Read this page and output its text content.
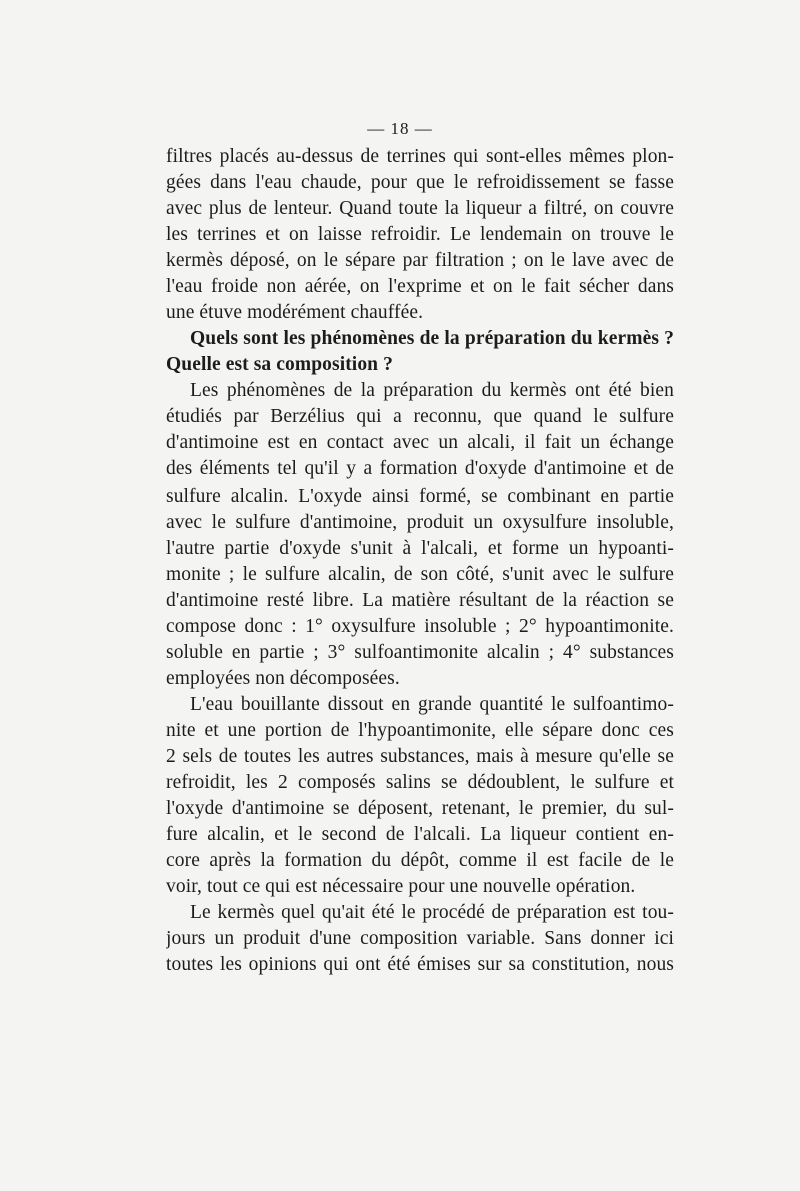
— 18 —
filtres placés au-dessus de terrines qui sont-elles mêmes plon-
gées dans l'eau chaude, pour que le refroidissement se fasse
avec plus de lenteur. Quand toute la liqueur a filtré, on couvre
les terrines et on laisse refroidir. Le lendemain on trouve le
kermès déposé, on le sépare par filtration ; on le lave avec de
l'eau froide non aérée, on l'exprime et on le fait sécher dans
une étuve modérément chauffée.
Quels sont les phénomènes de la préparation du kermès ?
Quelle est sa composition ?
Les phénomènes de la préparation du kermès ont été bien
étudiés par Berzélius qui a reconnu, que quand le sulfure
d'antimoine est en contact avec un alcali, il fait un échange
des éléments tel qu'il y a formation d'oxyde d'antimoine et de
sulfure alcalin. L'oxyde ainsi formé, se combinant en partie
avec le sulfure d'antimoine, produit un oxysulfure insoluble,
l'autre partie d'oxyde s'unit à l'alcali, et forme un hypoanti-
monite ; le sulfure alcalin, de son côté, s'unit avec le sulfure
d'antimoine resté libre. La matière résultant de la réaction se
compose donc : 1° oxysulfure insoluble ; 2° hypoantimonite.
soluble en partie ; 3° sulfoantimonite alcalin ; 4° substances
employées non décomposées.
L'eau bouillante dissout en grande quantité le sulfoantimo-
nite et une portion de l'hypoantimonite, elle sépare donc ces
2 sels de toutes les autres substances, mais à mesure qu'elle se
refroidit, les 2 composés salins se dédoublent, le sulfure et
l'oxyde d'antimoine se déposent, retenant, le premier, du sul-
fure alcalin, et le second de l'alcali. La liqueur contient en-
core après la formation du dépôt, comme il est facile de le
voir, tout ce qui est nécessaire pour une nouvelle opération.
Le kermès quel qu'ait été le procédé de préparation est tou-
jours un produit d'une composition variable. Sans donner ici
toutes les opinions qui ont été émises sur sa constitution, nous
